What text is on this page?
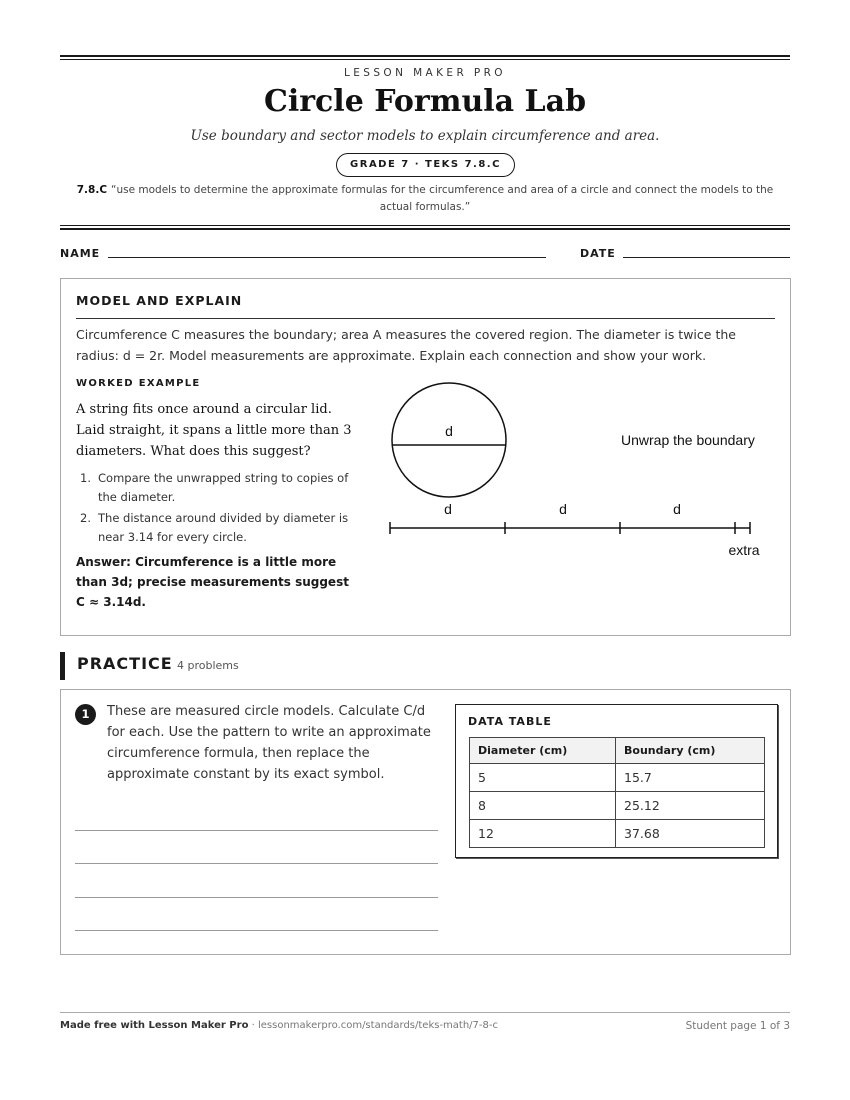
LESSON MAKER PRO
Circle Formula Lab
Use boundary and sector models to explain circumference and area.
GRADE 7 · TEKS 7.8.C
7.8.C “use models to determine the approximate formulas for the circumference and area of a circle and connect the models to the actual formulas.”
NAME	DATE
MODEL AND EXPLAIN
Circumference C measures the boundary; area A measures the covered region. The diameter is twice the radius: d = 2r. Model measurements are approximate. Explain each connection and show your work.
WORKED EXAMPLE
A string fits once around a circular lid. Laid straight, it spans a little more than 3 diameters. What does this suggest?
1. Compare the unwrapped string to copies of the diameter.
2. The distance around divided by diameter is near 3.14 for every circle.
Answer: Circumference is a little more than 3d; precise measurements suggest C ≈ 3.14d.
d
Unwrap the boundary
d	d	d
extra
PRACTICE 4 problems
1	These are measured circle models. Calculate C/d for each. Use the pattern to write an approximate circumference formula, then replace the approximate constant by its exact symbol.
DATA TABLE
Diameter (cm)	Boundary (cm)
5	15.7
8	25.12
12	37.68
Made free with Lesson Maker Pro · lessonmakerpro.com/standards/teks-math/7-8-c	Student page 1 of 3
